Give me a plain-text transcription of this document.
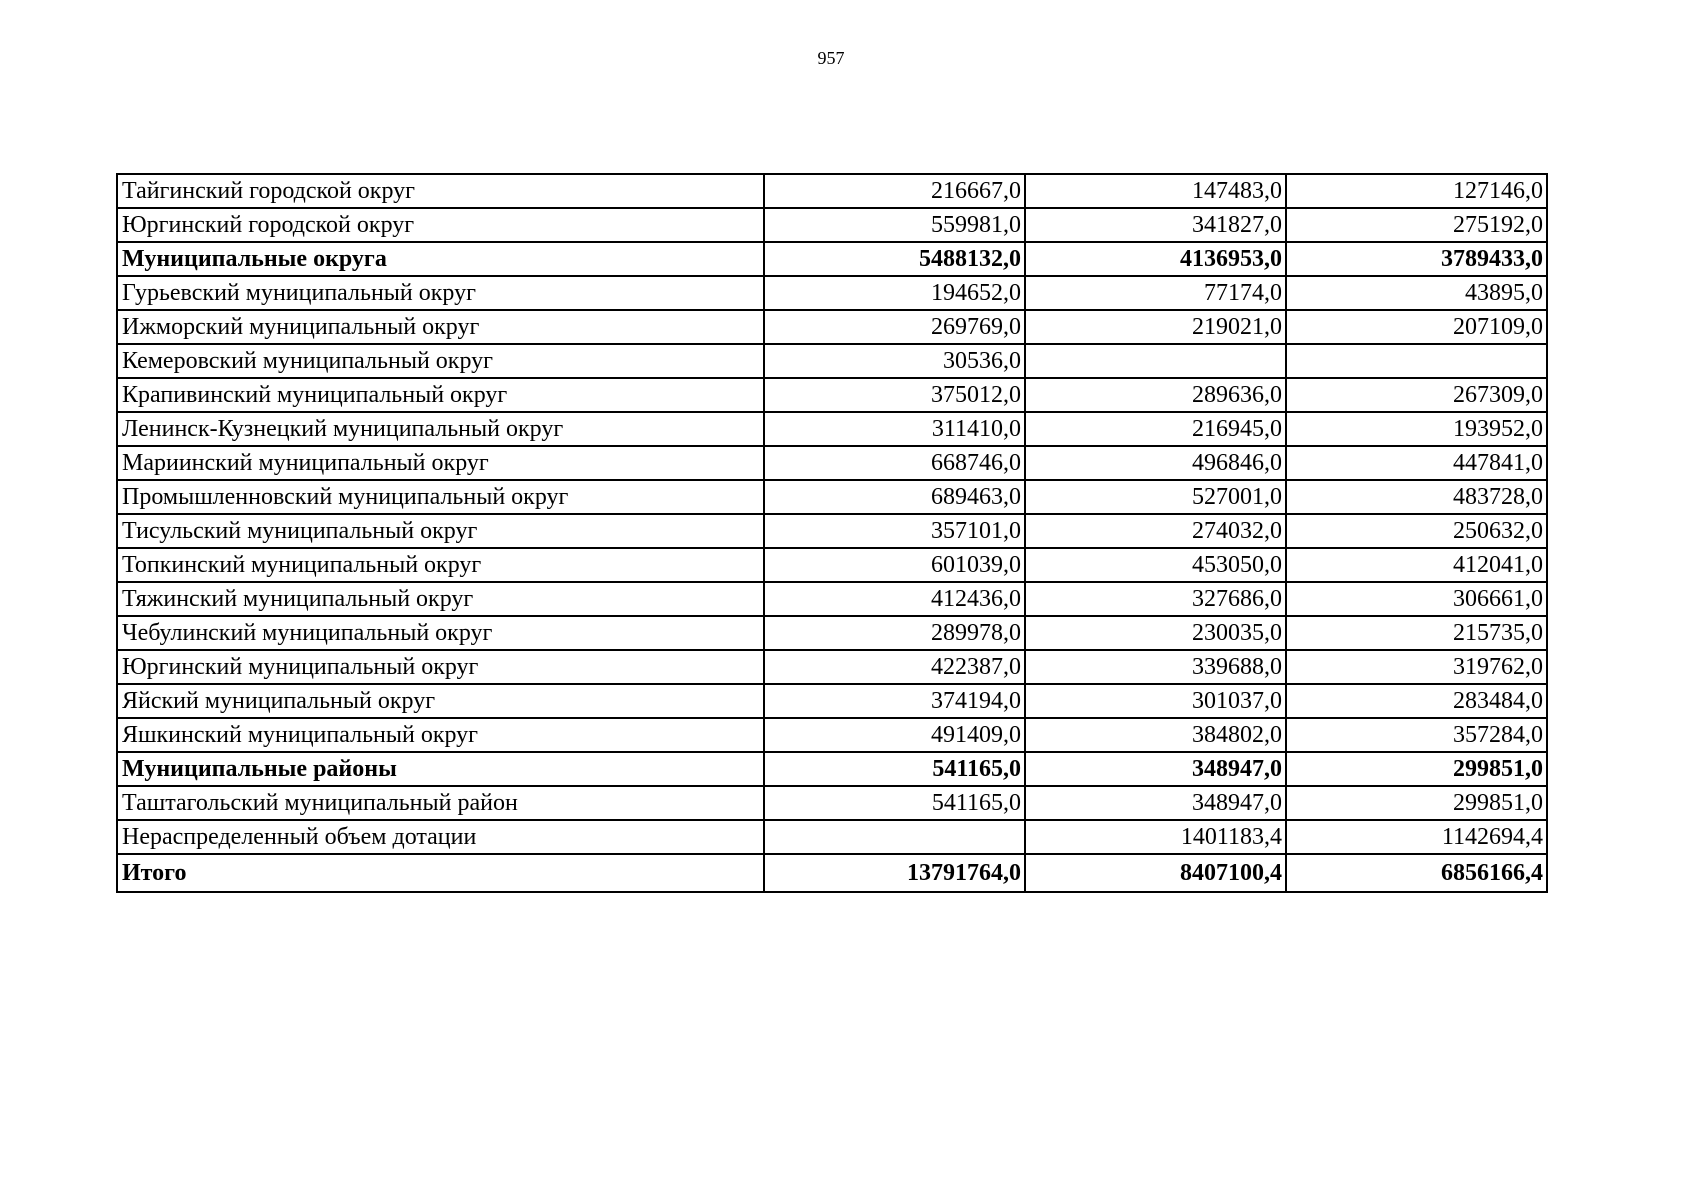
957
Тайгинский городской округ	216667,0	147483,0	127146,0
Юргинский городской округ	559981,0	341827,0	275192,0
Муниципальные округа	5488132,0	4136953,0	3789433,0
Гурьевский муниципальный округ	194652,0	77174,0	43895,0
Ижморский муниципальный округ	269769,0	219021,0	207109,0
Кемеровский муниципальный округ	30536,0		
Крапивинский муниципальный округ	375012,0	289636,0	267309,0
Ленинск-Кузнецкий муниципальный округ	311410,0	216945,0	193952,0
Мариинский муниципальный округ	668746,0	496846,0	447841,0
Промышленновский муниципальный округ	689463,0	527001,0	483728,0
Тисульский муниципальный округ	357101,0	274032,0	250632,0
Топкинский муниципальный округ	601039,0	453050,0	412041,0
Тяжинский муниципальный округ	412436,0	327686,0	306661,0
Чебулинский муниципальный округ	289978,0	230035,0	215735,0
Юргинский муниципальный округ	422387,0	339688,0	319762,0
Яйский муниципальный округ	374194,0	301037,0	283484,0
Яшкинский муниципальный округ	491409,0	384802,0	357284,0
Муниципальные районы	541165,0	348947,0	299851,0
Таштагольский муниципальный район	541165,0	348947,0	299851,0
Нераспределенный объем дотации		1401183,4	1142694,4
Итого	13791764,0	8407100,4	6856166,4
